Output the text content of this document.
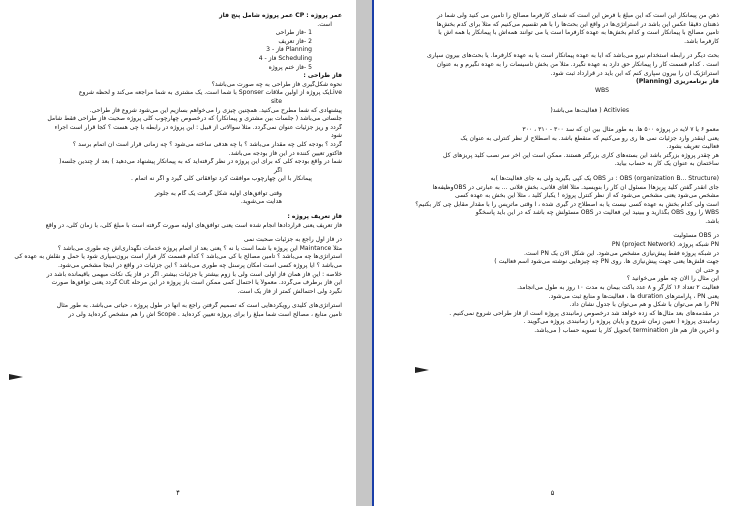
عمر پروژه : CP عمر پروژه شامل پنج فاز
است.
1 -فاز طراحی
2 -فاز تعریف
Planning فاز - 3
Scheduling فاز - 4
5 -فاز ختم پروژه
فاز طراحی :
نحوه شکل‌گیری فاز طراحی به چه صورت می‌باشد؟
Liveیک پروژه از اولین ملاقات Sponser با شما است. یک مشتری به شما مراجعه می‌کند و لحظه شروع
site
پیشنهادی که شما مطرح می‌کنید. همچنین چیزی را می‌خواهم بسازیم این می‌شود شروع فاز طراحی.
جلساتی می‌باشد ( جلسات بین مشتری و پیمانکار) که درخصوص چهارچوب کلی پروژه صحبت فاز طراحی فقط شامل
گردد و ریز جزئیات عنوان نمی‌گردد. مثلاً سوالاتی از قبیل : این پروژه در رابطه با چی هست ؟ کجا قرار است اجراء
شود
گردد ؟ بودجه کلی چه مقدار می‌باشد ؟ با چه هدفی ساخته می‌شود ؟ چه زمانی قرار است آن اتمام برسد ؟
فاکتور تعیین کننده در این فاز بودجه می‌باشد.
شما در واقع بودجه کلی که برای این پروژه در نظر گرفته‌اید که به پیمانکار پیشنهاد می‌دهید ) بعد از چندین جلسه(
اگر
پیمانکار با این چهارچوب موافقت کرد توافقاتی کلی گیرد و اگر نه اتمام .
وقتی توافق‌های اولیه شکل گرفت یک گام به جلوتر
هدایت می‌شوید.
فاز تعریف پروژه :
فاز تعریف یعنی قراردادها انجام شده است یعنی توافق‌های اولیه صورت گرفته است با مبلغ کلی، با زمان کلی، در واقع
در فاز اول راجع به جزئیات صحبت نمی
مثلاً Maintance این پروژه با شما است یا نه ؟ یعنی بعد از اتمام پروژه خدمات نگهداری‌اش چه طوری می‌باشد ؟
استراتژی‌ها چه می‌باشد ؟ تأمین مصالح با کی می‌باشد ؟ کدام قسمت کار قرار است برون‌سپاری شود یا حمل و نقلش به عهده کی
می‌باشد ؟ آیا پروژه کسی است امکان پرسنل چه طوری می‌باشد ؟ این جزئیات در واقع در اینجا مشخص می‌شود.
خلاصه : این فاز همان فاز اولی است ولی با زوم بیشتر یا جزئیات بیشتر. اگر در فاز یک نکات مبهمی باقیمانده باشد در
این فاز برطرف می‌گردد. معمولاً یا احتمال کمی ممکن است باز پروژه در این مرحله Cut گردد یعنی توافق‌ها صورت
نگیرد ولی احتمالش کمتر از فاز یک است.
استراتژی‌های کلیدی رویکردهایی است که تصمیم گرفتن راجع به آنها در طول پروژه ، حیاتی می‌باشد. به طور مثال
تأمین منابع ، مصالح است شما مبلغ را برای پروژه تعیین کرده‌اید . Scope اش را هم مشخص کرده‌اید ولی در
۴
ذهن من پیمانکار این است که این مبلغ با فرض این است که شمای کارفرما مصالح را تأمین می کنید ولی شما در
ذهنتان دقیقاً عکس این باشد در استراتژی‌ها در واقع این بحث‌ها را با هم تقسیم می‌کنیم که مثلاً برای کدم بخش‌ها
تأمین مصالح با پیمانکار است و کدام بخش‌ها به عهده کارفرما است یا می توانند همه‌اش با پیمانکار یا همه اش با
کارفرما باشد.
بحث دیگر در رابطه استخدام نیرو می‌باشد که آیا به عهده پیمانکار است یا به عهده کارفرما. یا بحث‌های بیرون سپاری
است . کدام قسمت کار را پیمانکار حق دارد به عهده نگیرد. مثلاً من بخش تأسیسات را به عهده نگیرم و به عنوان
استراتژیک آن را بیرون سپاری کنم که این باید در قرارداد ثبت شود.
فاز برنامه‌ریزی (Planning)
WBS
Acitivies ( فعالیت‌ها می‌باشد(
معمو ۶ یا ۷ لایه در پروژه ۵۰۰ ها. به طور مثال بین آن که سد ۳۰۰ - ۳۱۰ ، ۳۰۰
یعنی اینقدر وارد جزئیات نمی ها ری رو می‌کنیم که منقطع باشد. به اصطلاح از نظر کنترلی به عنوان یک
فعالیت تعریف بشود.
هر چقدر پروژه بزرگتر باشد این بسته‌های کاری بزرگتر هستند. ممکن است این آخر سر نصب کلید پریزهای کل
ساختمان به عنوان یک کار به حساب بیاید.
OBS (organization B... Structure) : در OBS یک کپی بگیرید ولی به جای فعالیت‌ها )به
جای آنقدر گفتن کلید پریزها( مسئول آن کار را بنویسید. مثلاً آقای فلانی، بخش فلانی ... به عبارتی در OBSوظیفه‌ها
مشخص می‌شود یعنی مشخص می‌شود که از نظر کنترل پروژه ! یکبار کلید ، مثلاً این بخش به عهده کسی
است ولی کدام بخش به عهده کسی نیست یا به اصطلاح در گیری شده ، ا وقتی ماتریس را با مقدار مقابل چی کار بکنیم؟
WBS را روی OBS بگذارید و ببینید این فعالیت در OBS مسئولش چه باشد که در این باید پاسخگو
باشد.
در OBS مسئولیت
PN شبکه پروژه. (PN (project Network
در شبکه پروژه فقط پیش‌نیازی مشخص می‌شود. این شکل الان یک PN است.
جهت فلش‌ها یعنی جهت پیش‌نیازی ها. روی PN چه چیزهایی نوشته می‌شود اسم فعالیت )
و حتی آن
این مثال را الان چه طور می‌خوانید ؟
فعالیت ۲ تعداد ۱۶ کارگر و ۸ عدد باکت بیمان به مدت ۱۰ روز به طول می‌انجامد.
یعنی PN ، پارامترهای duration ها ، فعالیت‌ها و منابع ثبت می‌شود.
PN را هم می‌توان با شکل و هم می‌توان با جدول نشان داد.
در مقدمه‌های بعد مثال‌ها که زده خواهد شد درخصوص زمانبندی پروژه است از فاز طراحی شروع نمی‌کنیم .
زمانبندی پروژه ( تعیین زمان شروع و پایان پروژه را زمانبندی پروژه می‌گویند .
و آخرین فاز هم فاز termination )تحویل کار یا تسویه حساب ( می‌باشد.
۵
